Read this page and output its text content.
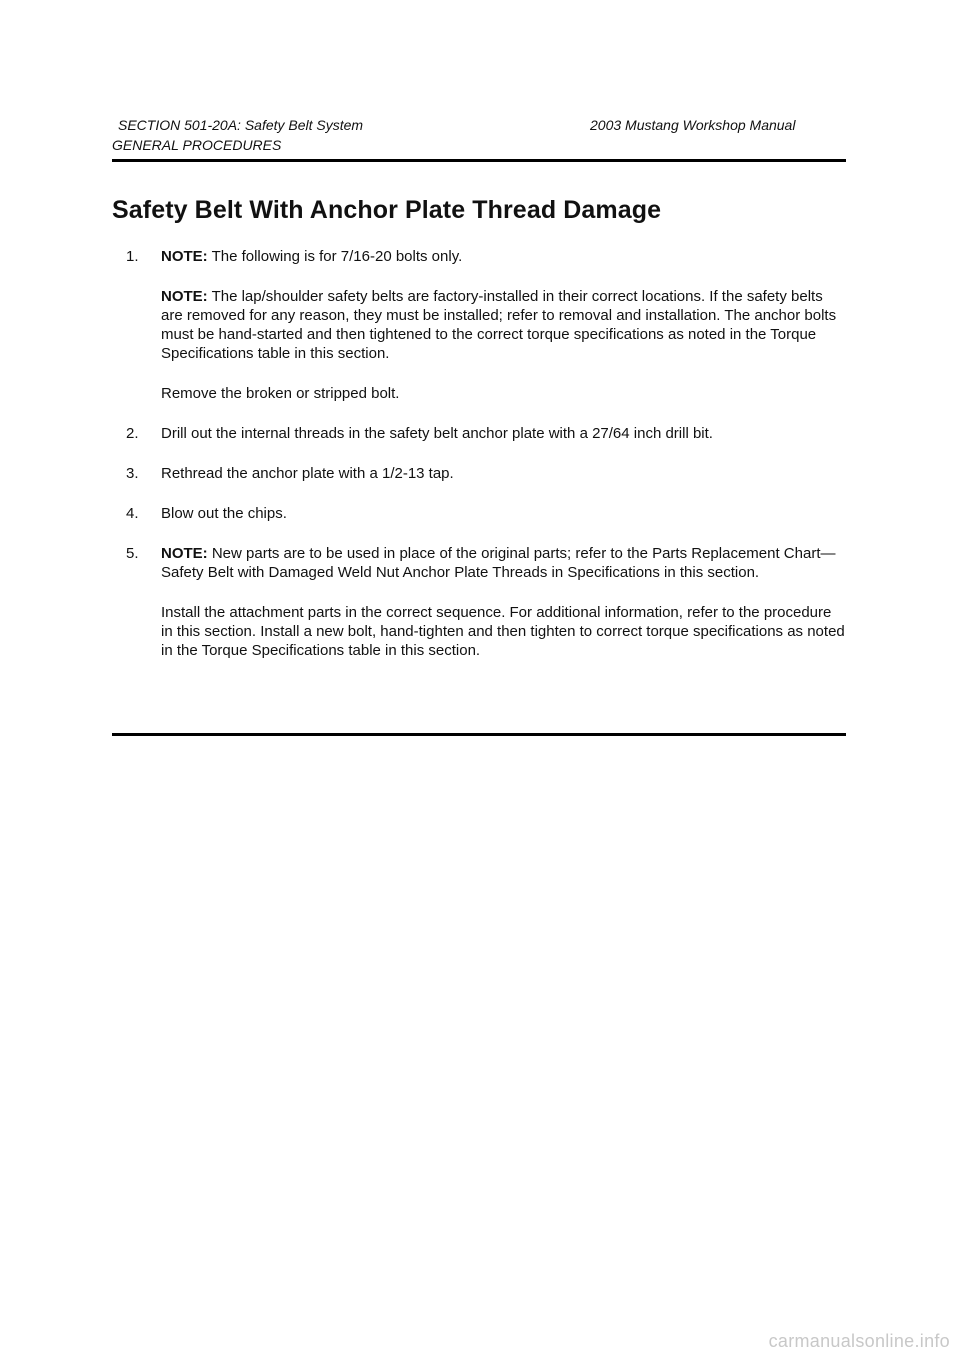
SECTION 501-20A: Safety Belt System	2003 Mustang Workshop Manual
GENERAL PROCEDURES
Safety Belt With Anchor Plate Thread Damage
1. NOTE: The following is for 7/16-20 bolts only.

NOTE: The lap/shoulder safety belts are factory-installed in their correct locations. If the safety belts are removed for any reason, they must be installed; refer to removal and installation. The anchor bolts must be hand-started and then tightened to the correct torque specifications as noted in the Torque Specifications table in this section.

Remove the broken or stripped bolt.

2. Drill out the internal threads in the safety belt anchor plate with a 27/64 inch drill bit.

3. Rethread the anchor plate with a 1/2-13 tap.

4. Blow out the chips.

5. NOTE: New parts are to be used in place of the original parts; refer to the Parts Replacement Chart—Safety Belt with Damaged Weld Nut Anchor Plate Threads in Specifications in this section.

Install the attachment parts in the correct sequence. For additional information, refer to the procedure in this section. Install a new bolt, hand-tighten and then tighten to correct torque specifications as noted in the Torque Specifications table in this section.

carmanualsonline.info
